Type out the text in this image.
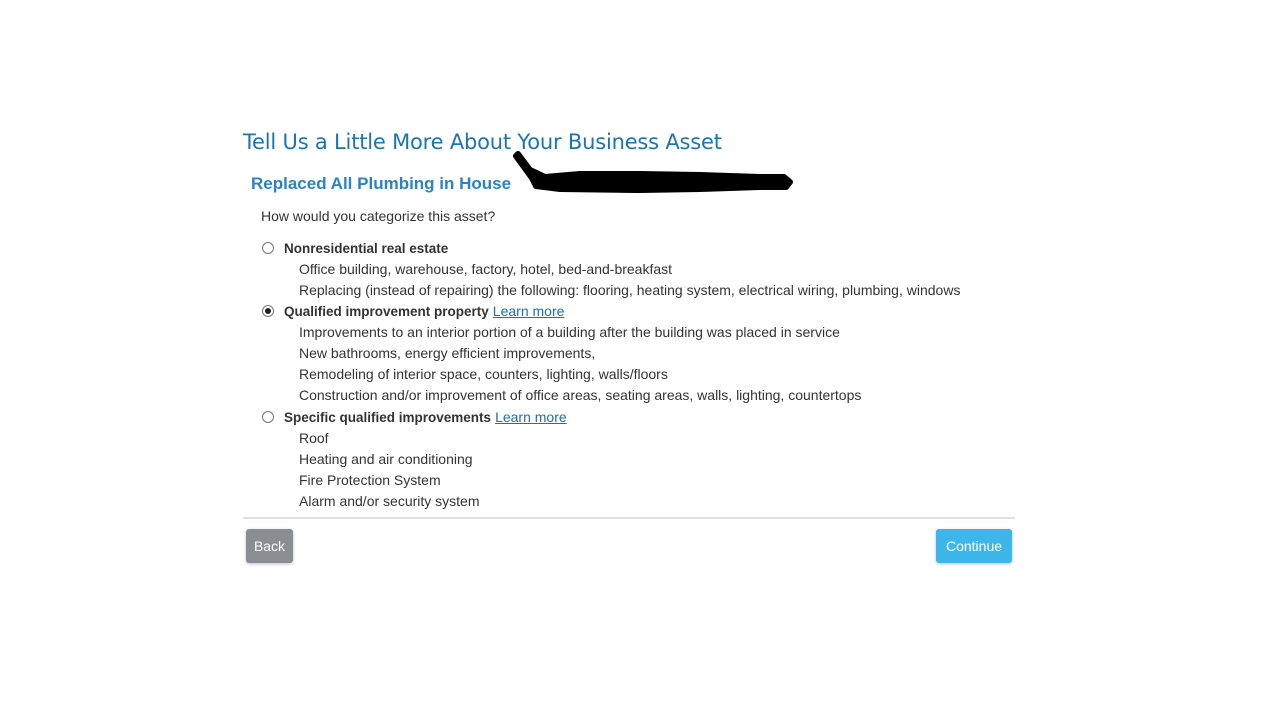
Tell Us a Little More About Your Business Asset
Replaced All Plumbing in House
How would you categorize this asset?
Nonresidential real estate
Office building, warehouse, factory, hotel, bed-and-breakfast
Replacing (instead of repairing) the following: flooring, heating system, electrical wiring, plumbing, windows
Qualified improvement property Learn more
Improvements to an interior portion of a building after the building was placed in service
New bathrooms, energy efficient improvements,
Remodeling of interior space, counters, lighting, walls/floors
Construction and/or improvement of office areas, seating areas, walls, lighting, countertops
Specific qualified improvements Learn more
Roof
Heating and air conditioning
Fire Protection System
Alarm and/or security system
Back	Continue
